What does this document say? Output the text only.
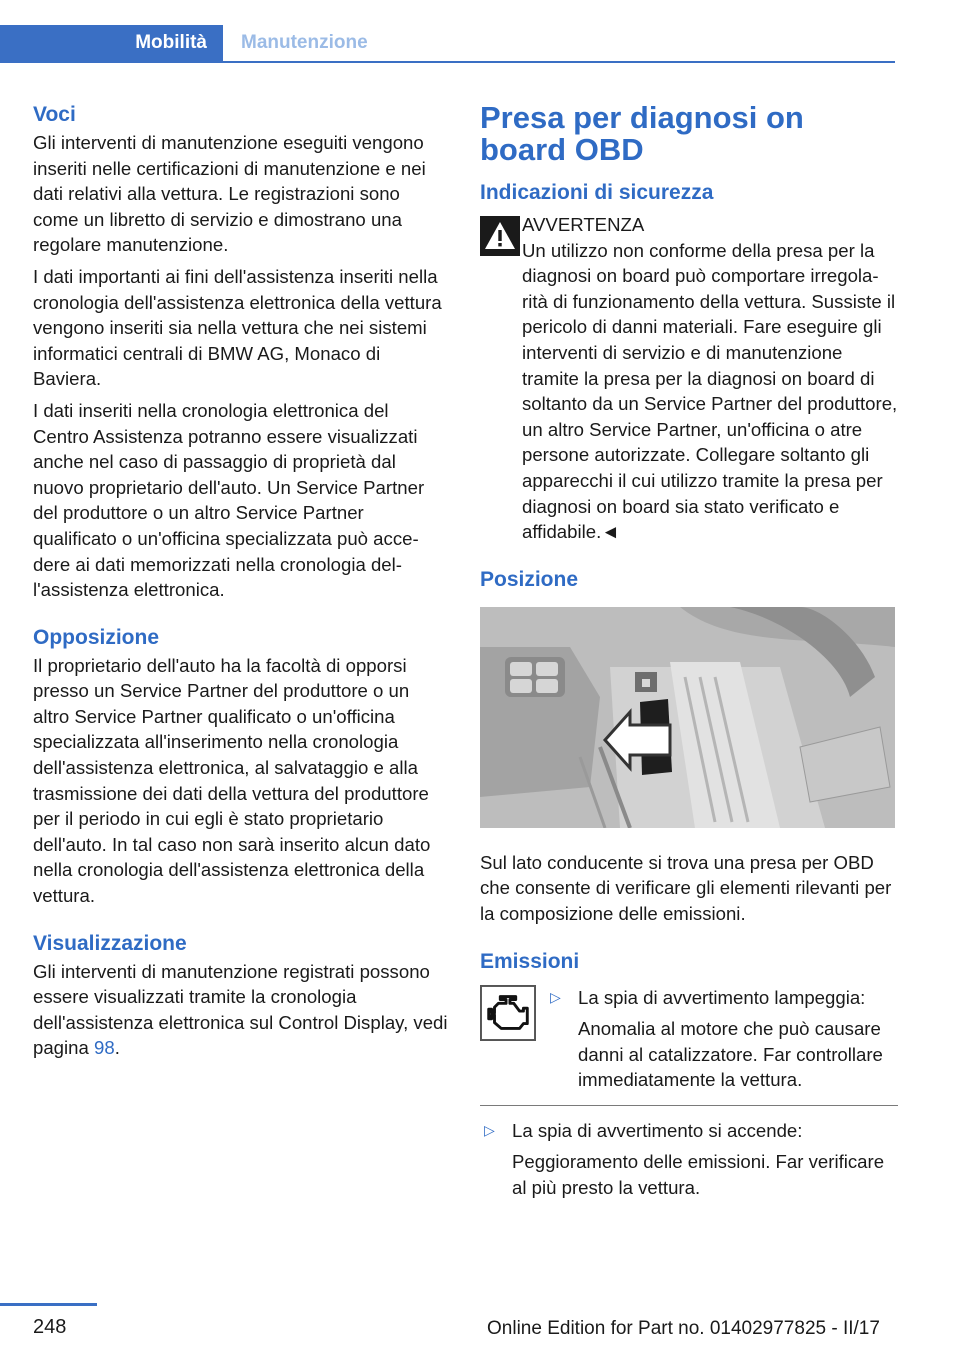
Mobilità	Manutenzione
Voci

Gli interventi di manutenzione eseguiti vengono inseriti nelle certificazioni di manutenzione e nei dati relativi alla vettura. Le registrazioni sono come un libretto di servizio e dimostrano una regolare manutenzione.

I dati importanti ai fini dell'assistenza inseriti nella cronologia dell'assistenza elettronica della vettura vengono inseriti sia nella vettura che nei sistemi informatici centrali di BMW AG, Monaco di Baviera.

I dati inseriti nella cronologia elettronica del Centro Assistenza potranno essere visualizzati anche nel caso di passaggio di proprietà dal nuovo proprietario dell'auto. Un Service Partner del produttore o un altro Service Partner qualificato o un'officina specializzata può accedere ai dati memorizzati nella cronologia dell'assistenza elettronica.

Opposizione

Il proprietario dell'auto ha la facoltà di opporsi presso un Service Partner del produttore o un altro Service Partner qualificato o un'officina specializzata all'inserimento nella cronologia dell'assistenza elettronica, al salvataggio e alla trasmissione dei dati della vettura del produttore per il periodo in cui egli è stato proprietario dell'auto. In tal caso non sarà inserito alcun dato nella cronologia dell'assistenza elettronica della vettura.

Visualizzazione

Gli interventi di manutenzione registrati possono essere visualizzati tramite la cronologia dell'assistenza elettronica sul Control Display, vedi pagina 98.

Presa per diagnosi on board OBD
Indicazioni di sicurezza
AVVERTENZA

Un utilizzo non conforme della presa per la diagnosi on board può comportare irregolarità di funzionamento della vettura. Sussiste il pericolo di danni materiali. Fare eseguire gli interventi di servizio e di manutenzione tramite la presa per la diagnosi on board di soltanto da un Service Partner del produttore, un altro Service Partner, un'officina o atre persone autorizzate. Collegare soltanto gli apparecchi il cui utilizzo tramite la presa per diagnosi on board sia stato verificato e affidabile.◄

Posizione

Sul lato conducente si trova una presa per OBD che consente di verificare gli elementi rilevanti per la composizione delle emissioni.

Emissioni
▷ La spia di avvertimento lampeggia:
Anomalia al motore che può causare danni al catalizzatore. Far controllare immediatamente la vettura.
▷ La spia di avvertimento si accende:
Peggioramento delle emissioni. Far verificare al più presto la vettura.
248	Online Edition for Part no. 01402977825 - II/17
